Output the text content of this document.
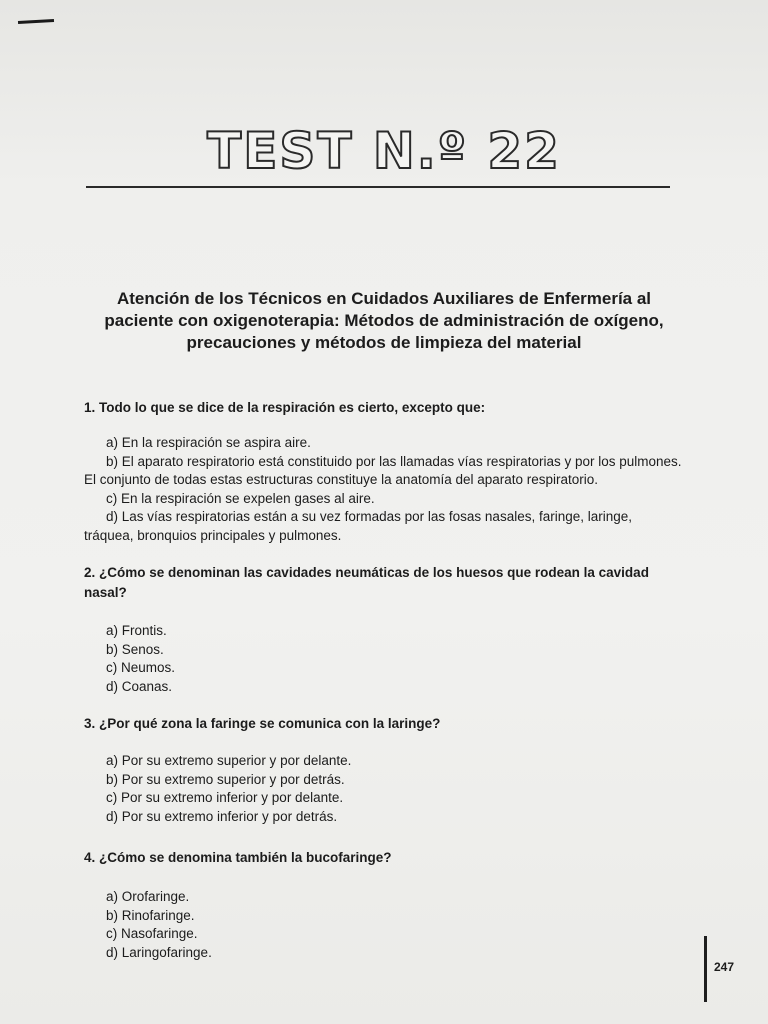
TEST N.º 22
Atención de los Técnicos en Cuidados Auxiliares de Enfermería al paciente con oxigenoterapia: Métodos de administración de oxígeno, precauciones y métodos de limpieza del material
1. Todo lo que se dice de la respiración es cierto, excepto que:
a) En la respiración se aspira aire.
b) El aparato respiratorio está constituido por las llamadas vías respiratorias y por los pulmones. El conjunto de todas estas estructuras constituye la anatomía del aparato respiratorio.
c) En la respiración se expelen gases al aire.
d) Las vías respiratorias están a su vez formadas por las fosas nasales, faringe, laringe, tráquea, bronquios principales y pulmones.
2. ¿Cómo se denominan las cavidades neumáticas de los huesos que rodean la cavidad nasal?
a) Frontis.
b) Senos.
c) Neumos.
d) Coanas.
3. ¿Por qué zona la faringe se comunica con la laringe?
a) Por su extremo superior y por delante.
b) Por su extremo superior y por detrás.
c) Por su extremo inferior y por delante.
d) Por su extremo inferior y por detrás.
4. ¿Cómo se denomina también la bucofaringe?
a) Orofaringe.
b) Rinofaringe.
c) Nasofaringe.
d) Laringofaringe.
247
